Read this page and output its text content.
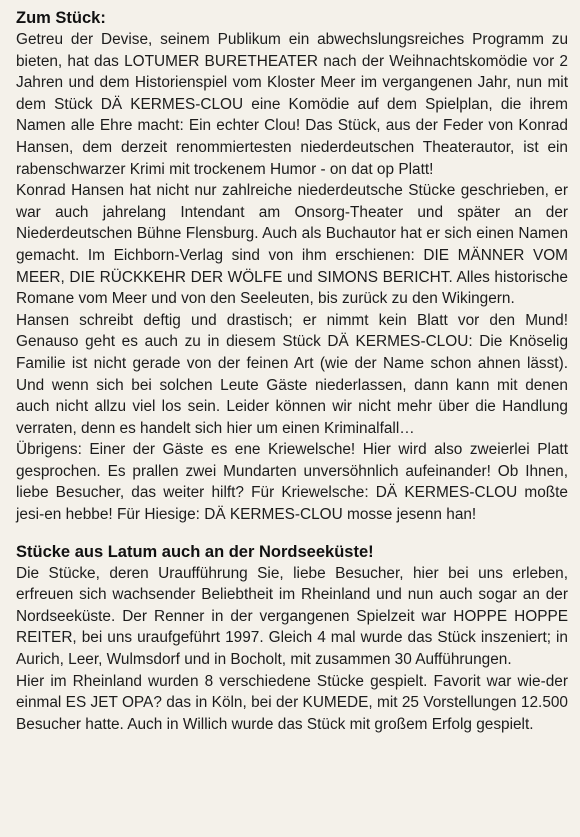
Zum Stück:

Getreu der Devise, seinem Publikum ein abwechslungsreiches Programm zu bieten, hat das LOTUMER BURETHEATER nach der Weihnachtskomödie vor 2 Jahren und dem Historienspiel vom Kloster Meer im vergangenen Jahr, nun mit dem Stück DÄ KERMES-CLOU eine Komödie auf dem Spielplan, die ihrem Namen alle Ehre macht: Ein echter Clou! Das Stück, aus der Feder von Konrad Hansen, dem derzeit renommiertesten niederdeutschen Theaterautor, ist ein rabenschwarzer Krimi mit trockenem Humor - on dat op Platt!

Konrad Hansen hat nicht nur zahlreiche niederdeutsche Stücke geschrieben, er war auch jahrelang Intendant am Onsorg-Theater und später an der Niederdeutschen Bühne Flensburg. Auch als Buchautor hat er sich einen Namen gemacht. Im Eichborn-Verlag sind von ihm erschienen: DIE MÄNNER VOM MEER, DIE RÜCKKEHR DER WÖLFE und SIMONS BERICHT. Alles historische Romane vom Meer und von den Seeleuten, bis zurück zu den Wikingern.

Hansen schreibt deftig und drastisch; er nimmt kein Blatt vor den Mund! Genauso geht es auch zu in diesem Stück DÄ KERMES-CLOU: Die Knöselig Familie ist nicht gerade von der feinen Art (wie der Name schon ahnen lässt). Und wenn sich bei solchen Leute Gäste niederlassen, dann kann mit denen auch nicht allzu viel los sein. Leider können wir nicht mehr über die Handlung verraten, denn es handelt sich hier um einen Kriminalfall…

Übrigens: Einer der Gäste es ene Kriewelsche! Hier wird also zweierlei Platt gesprochen. Es prallen zwei Mundarten unversöhnlich aufeinander! Ob Ihnen, liebe Besucher, das weiter hilft? Für Kriewelsche: DÄ KERMES-CLOU moßte jesi-en hebbe! Für Hiesige: DÄ KERMES-CLOU mosse jesenn han!

Stücke aus Latum auch an der Nordseeküste!

Die Stücke, deren Uraufführung Sie, liebe Besucher, hier bei uns erleben, erfreuen sich wachsender Beliebtheit im Rheinland und nun auch sogar an der Nordseeküste. Der Renner in der vergangenen Spielzeit war HOPPE HOPPE REITER, bei uns uraufgeführt 1997. Gleich 4 mal wurde das Stück inszeniert; in Aurich, Leer, Wulmsdorf und in Bocholt, mit zusammen 30 Aufführungen.

Hier im Rheinland wurden 8 verschiedene Stücke gespielt. Favorit war wie-der einmal ES JET OPA? das in Köln, bei der KUMEDE, mit 25 Vorstellungen 12.500 Besucher hatte. Auch in Willich wurde das Stück mit großem Erfolg gespielt.
